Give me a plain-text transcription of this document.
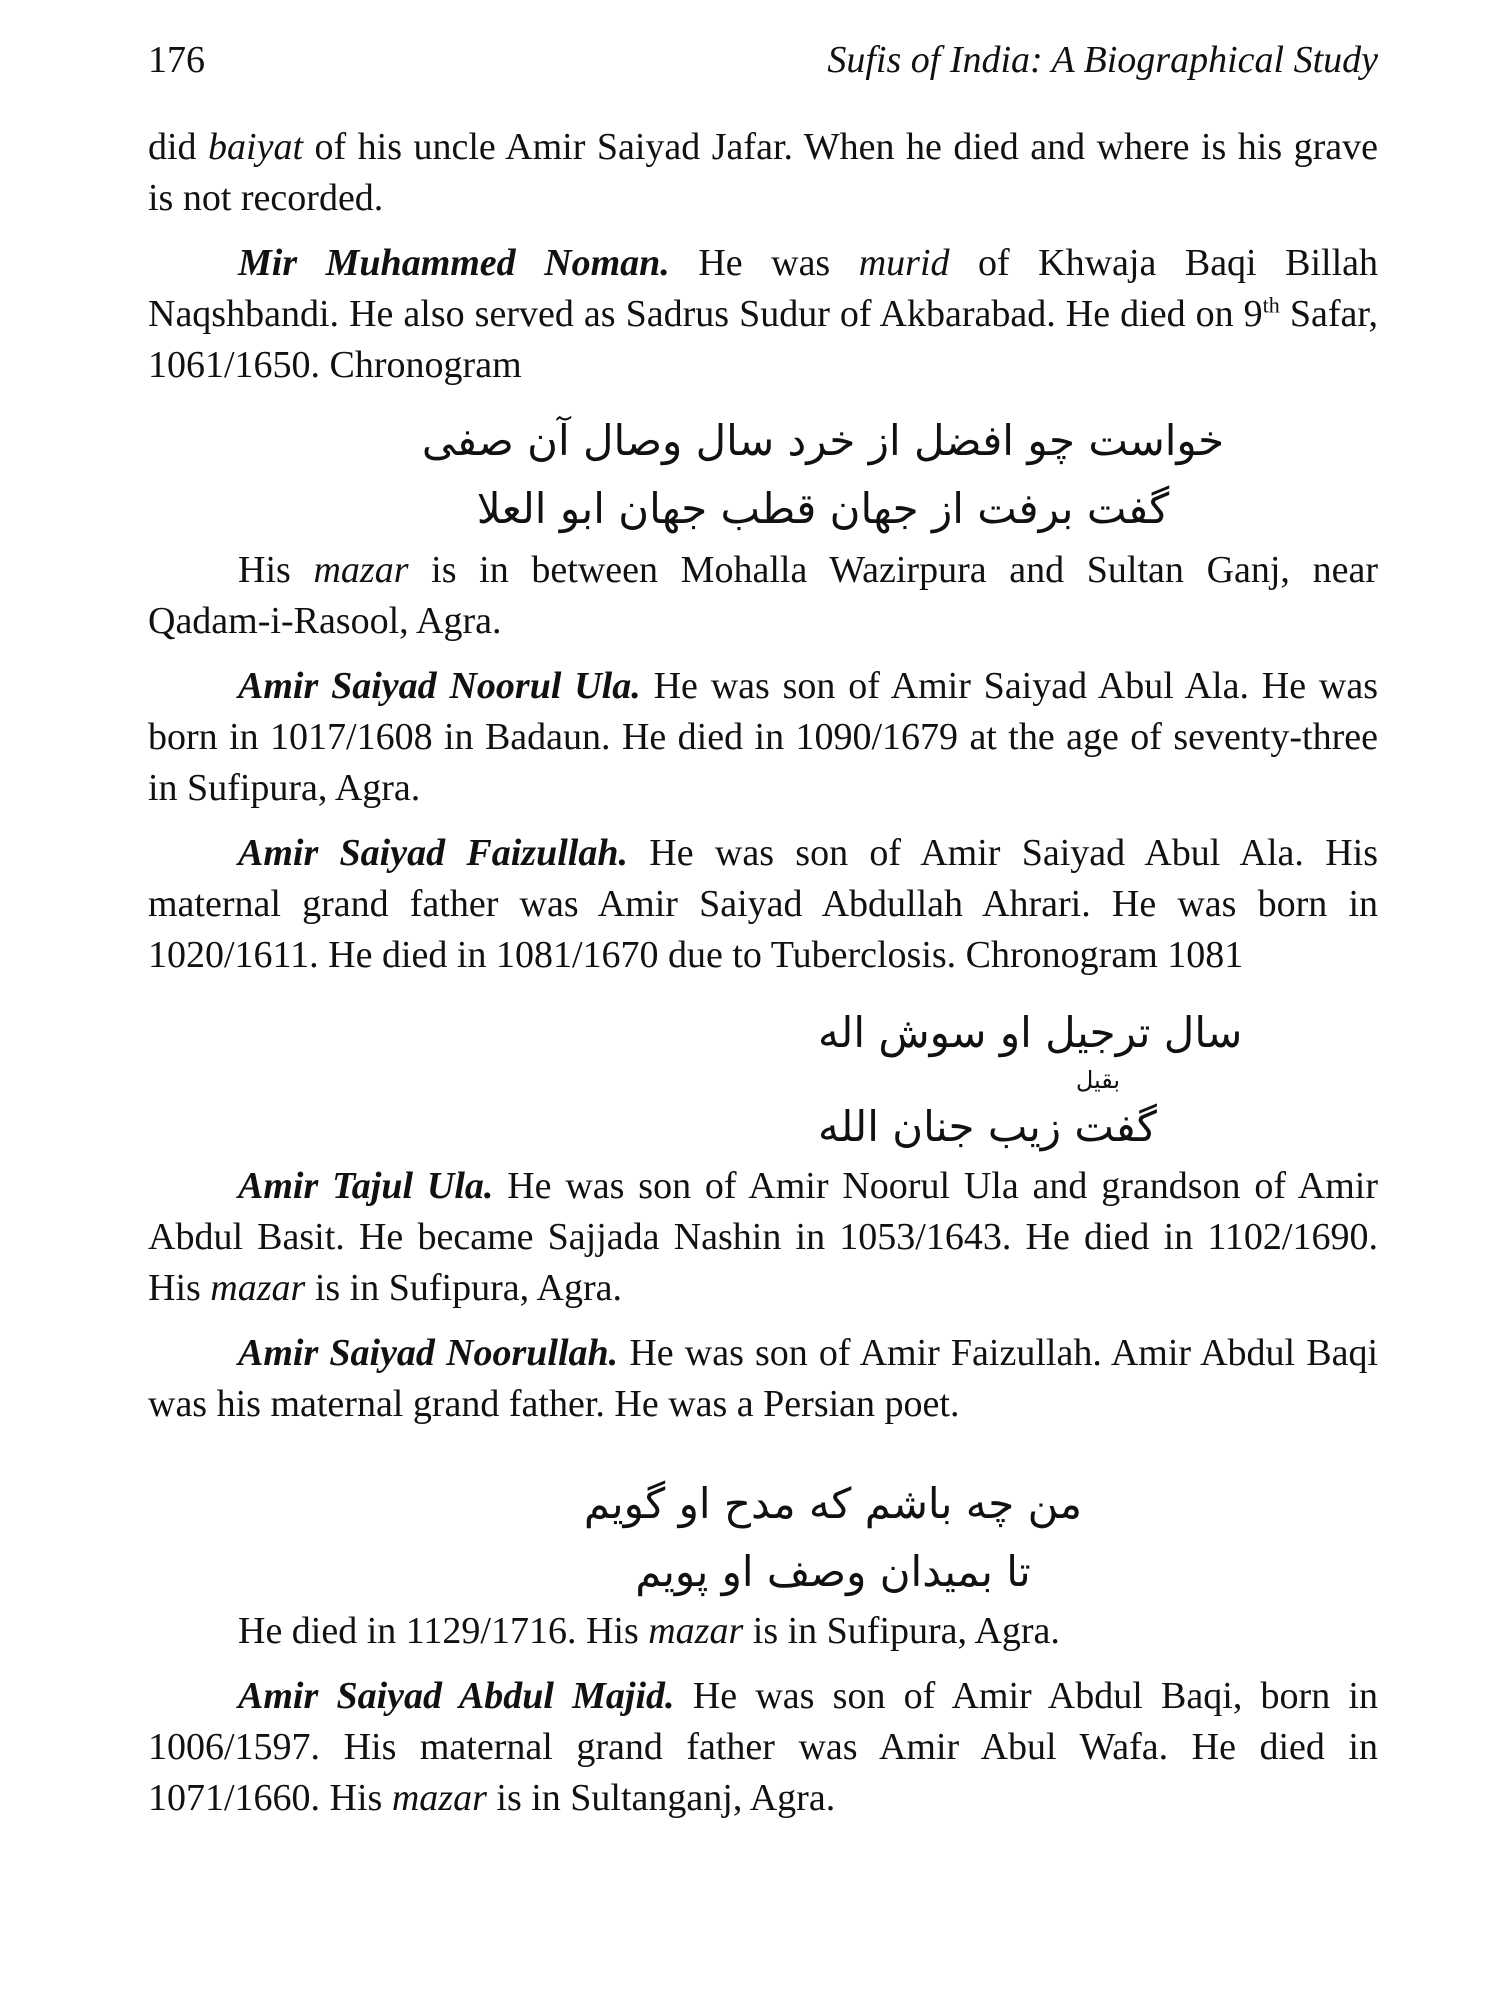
176	Sufis of India: A Biographical Study

did baiyat of his uncle Amir Saiyad Jafar. When he died and where is his grave is not recorded.

Mir Muhammed Noman. He was murid of Khwaja Baqi Billah Naqshbandi. He also served as Sadrus Sudur of Akbarabad. He died on 9th Safar, 1061/1650. Chronogram

خواست چو افضل از خرد سال وصال آن صفی
گفت برفت از جهان قطب جهان ابو العلا

His mazar is in between Mohalla Wazirpura and Sultan Ganj, near Qadam-i-Rasool, Agra.

Amir Saiyad Noorul Ula. He was son of Amir Saiyad Abul Ala. He was born in 1017/1608 in Badaun. He died in 1090/1679 at the age of seventy-three in Sufipura, Agra.

Amir Saiyad Faizullah. He was son of Amir Saiyad Abul Ala. His maternal grand father was Amir Saiyad Abdullah Ahrari. He was born in 1020/1611. He died in 1081/1670 due to Tuberclosis. Chronogram 1081

سال ترجیل او سوش اله
بقیل
گفت زیب جنان الله

Amir Tajul Ula. He was son of Amir Noorul Ula and grandson of Amir Abdul Basit. He became Sajjada Nashin in 1053/1643. He died in 1102/1690. His mazar is in Sufipura, Agra.

Amir Saiyad Noorullah. He was son of Amir Faizullah. Amir Abdul Baqi was his maternal grand father. He was a Persian poet.

من چه باشم که مدح او گویم
تا بمیدان وصف او پویم

He died in 1129/1716. His mazar is in Sufipura, Agra.

Amir Saiyad Abdul Majid. He was son of Amir Abdul Baqi, born in 1006/1597. His maternal grand father was Amir Abul Wafa. He died in 1071/1660. His mazar is in Sultanganj, Agra.
